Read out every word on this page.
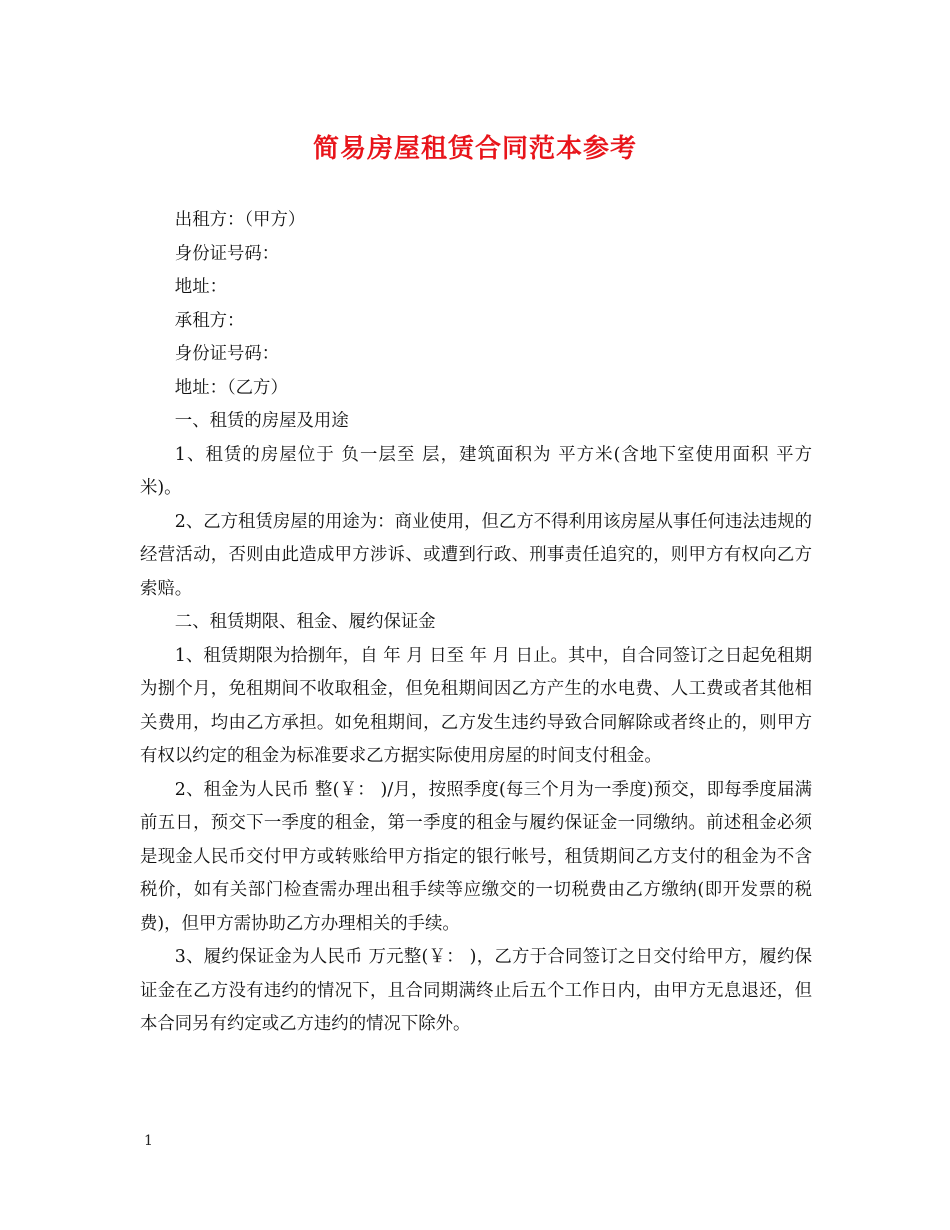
简易房屋租赁合同范本参考

出租方：（甲方）

身份证号码：

地址：

承租方：

身份证号码：

地址：（乙方）

一、租赁的房屋及用途

1、租赁的房屋位于 负一层至 层，建筑面积为 平方米(含地下室使用面积 平方米)。

2、乙方租赁房屋的用途为：商业使用，但乙方不得利用该房屋从事任何违法违规的经营活动，否则由此造成甲方涉诉、或遭到行政、刑事责任追究的，则甲方有权向乙方索赔。

二、租赁期限、租金、履约保证金

1、租赁期限为拾捌年，自 年 月 日至 年 月 日止。其中，自合同签订之日起免租期为捌个月，免租期间不收取租金，但免租期间因乙方产生的水电费、人工费或者其他相关费用，均由乙方承担。如免租期间，乙方发生违约导致合同解除或者终止的，则甲方有权以约定的租金为标准要求乙方据实际使用房屋的时间支付租金。

2、租金为人民币 整(￥： )/月，按照季度(每三个月为一季度)预交，即每季度届满前五日，预交下一季度的租金，第一季度的租金与履约保证金一同缴纳。前述租金必须是现金人民币交付甲方或转账给甲方指定的银行帐号，租赁期间乙方支付的租金为不含税价，如有关部门检查需办理出租手续等应缴交的一切税费由乙方缴纳(即开发票的税费)，但甲方需协助乙方办理相关的手续。

3、履约保证金为人民币 万元整(￥： )，乙方于合同签订之日交付给甲方，履约保证金在乙方没有违约的情况下，且合同期满终止后五个工作日内，由甲方无息退还，但本合同另有约定或乙方违约的情况下除外。

1
